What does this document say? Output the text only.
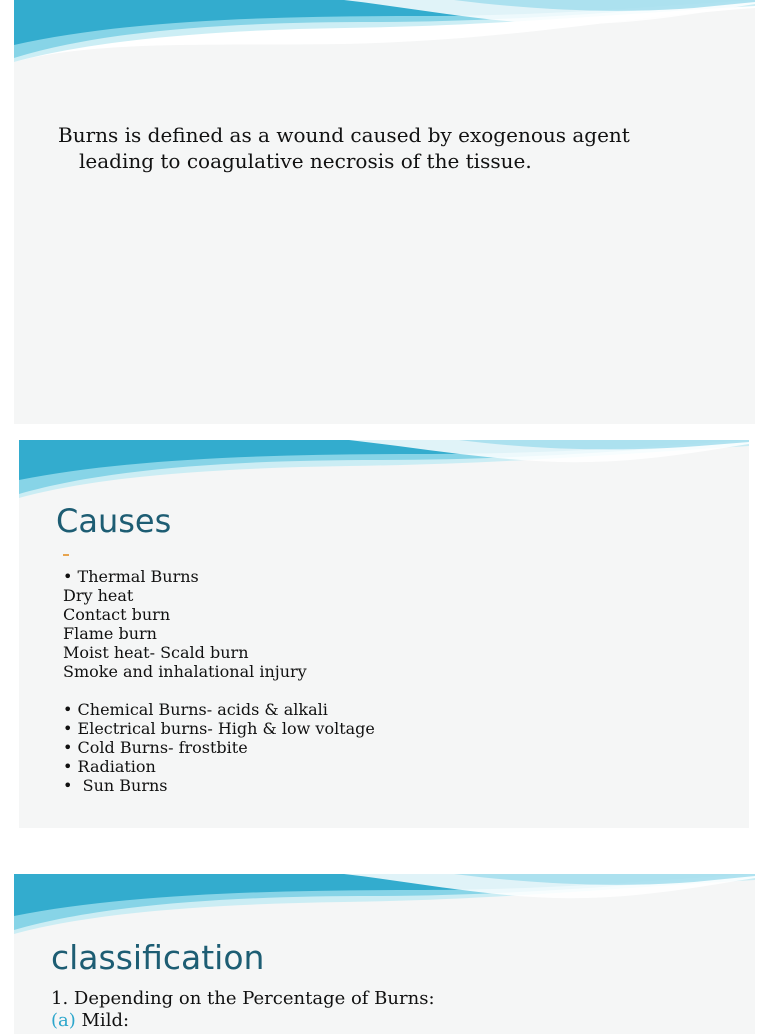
Burns is defined as a wound caused by exogenous agent
leading to coagulative necrosis of the tissue.
Causes
• Thermal Burns
Dry heat
Contact burn
Flame burn
Moist heat- Scald burn
Smoke and inhalational injury
• Chemical Burns- acids & alkali
• Electrical burns- High & low voltage
• Cold Burns- frostbite
• Radiation
•  Sun Burns
classification
1. Depending on the Percentage of Burns:
(a) Mild:
